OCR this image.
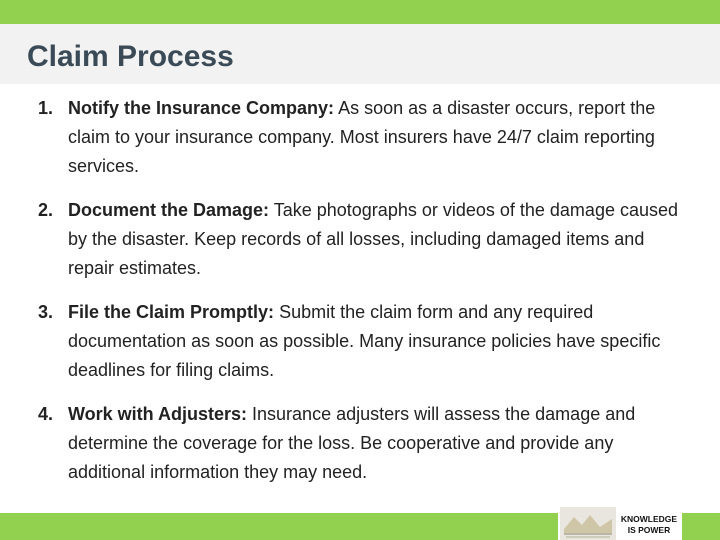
Claim Process
1. Notify the Insurance Company: As soon as a disaster occurs, report the claim to your insurance company. Most insurers have 24/7 claim reporting services.
2. Document the Damage: Take photographs or videos of the damage caused by the disaster. Keep records of all losses, including damaged items and repair estimates.
3. File the Claim Promptly: Submit the claim form and any required documentation as soon as possible. Many insurance policies have specific deadlines for filing claims.
4. Work with Adjusters: Insurance adjusters will assess the damage and determine the coverage for the loss. Be cooperative and provide any additional information they may need.
KNOWLEDGE
IS POWER
